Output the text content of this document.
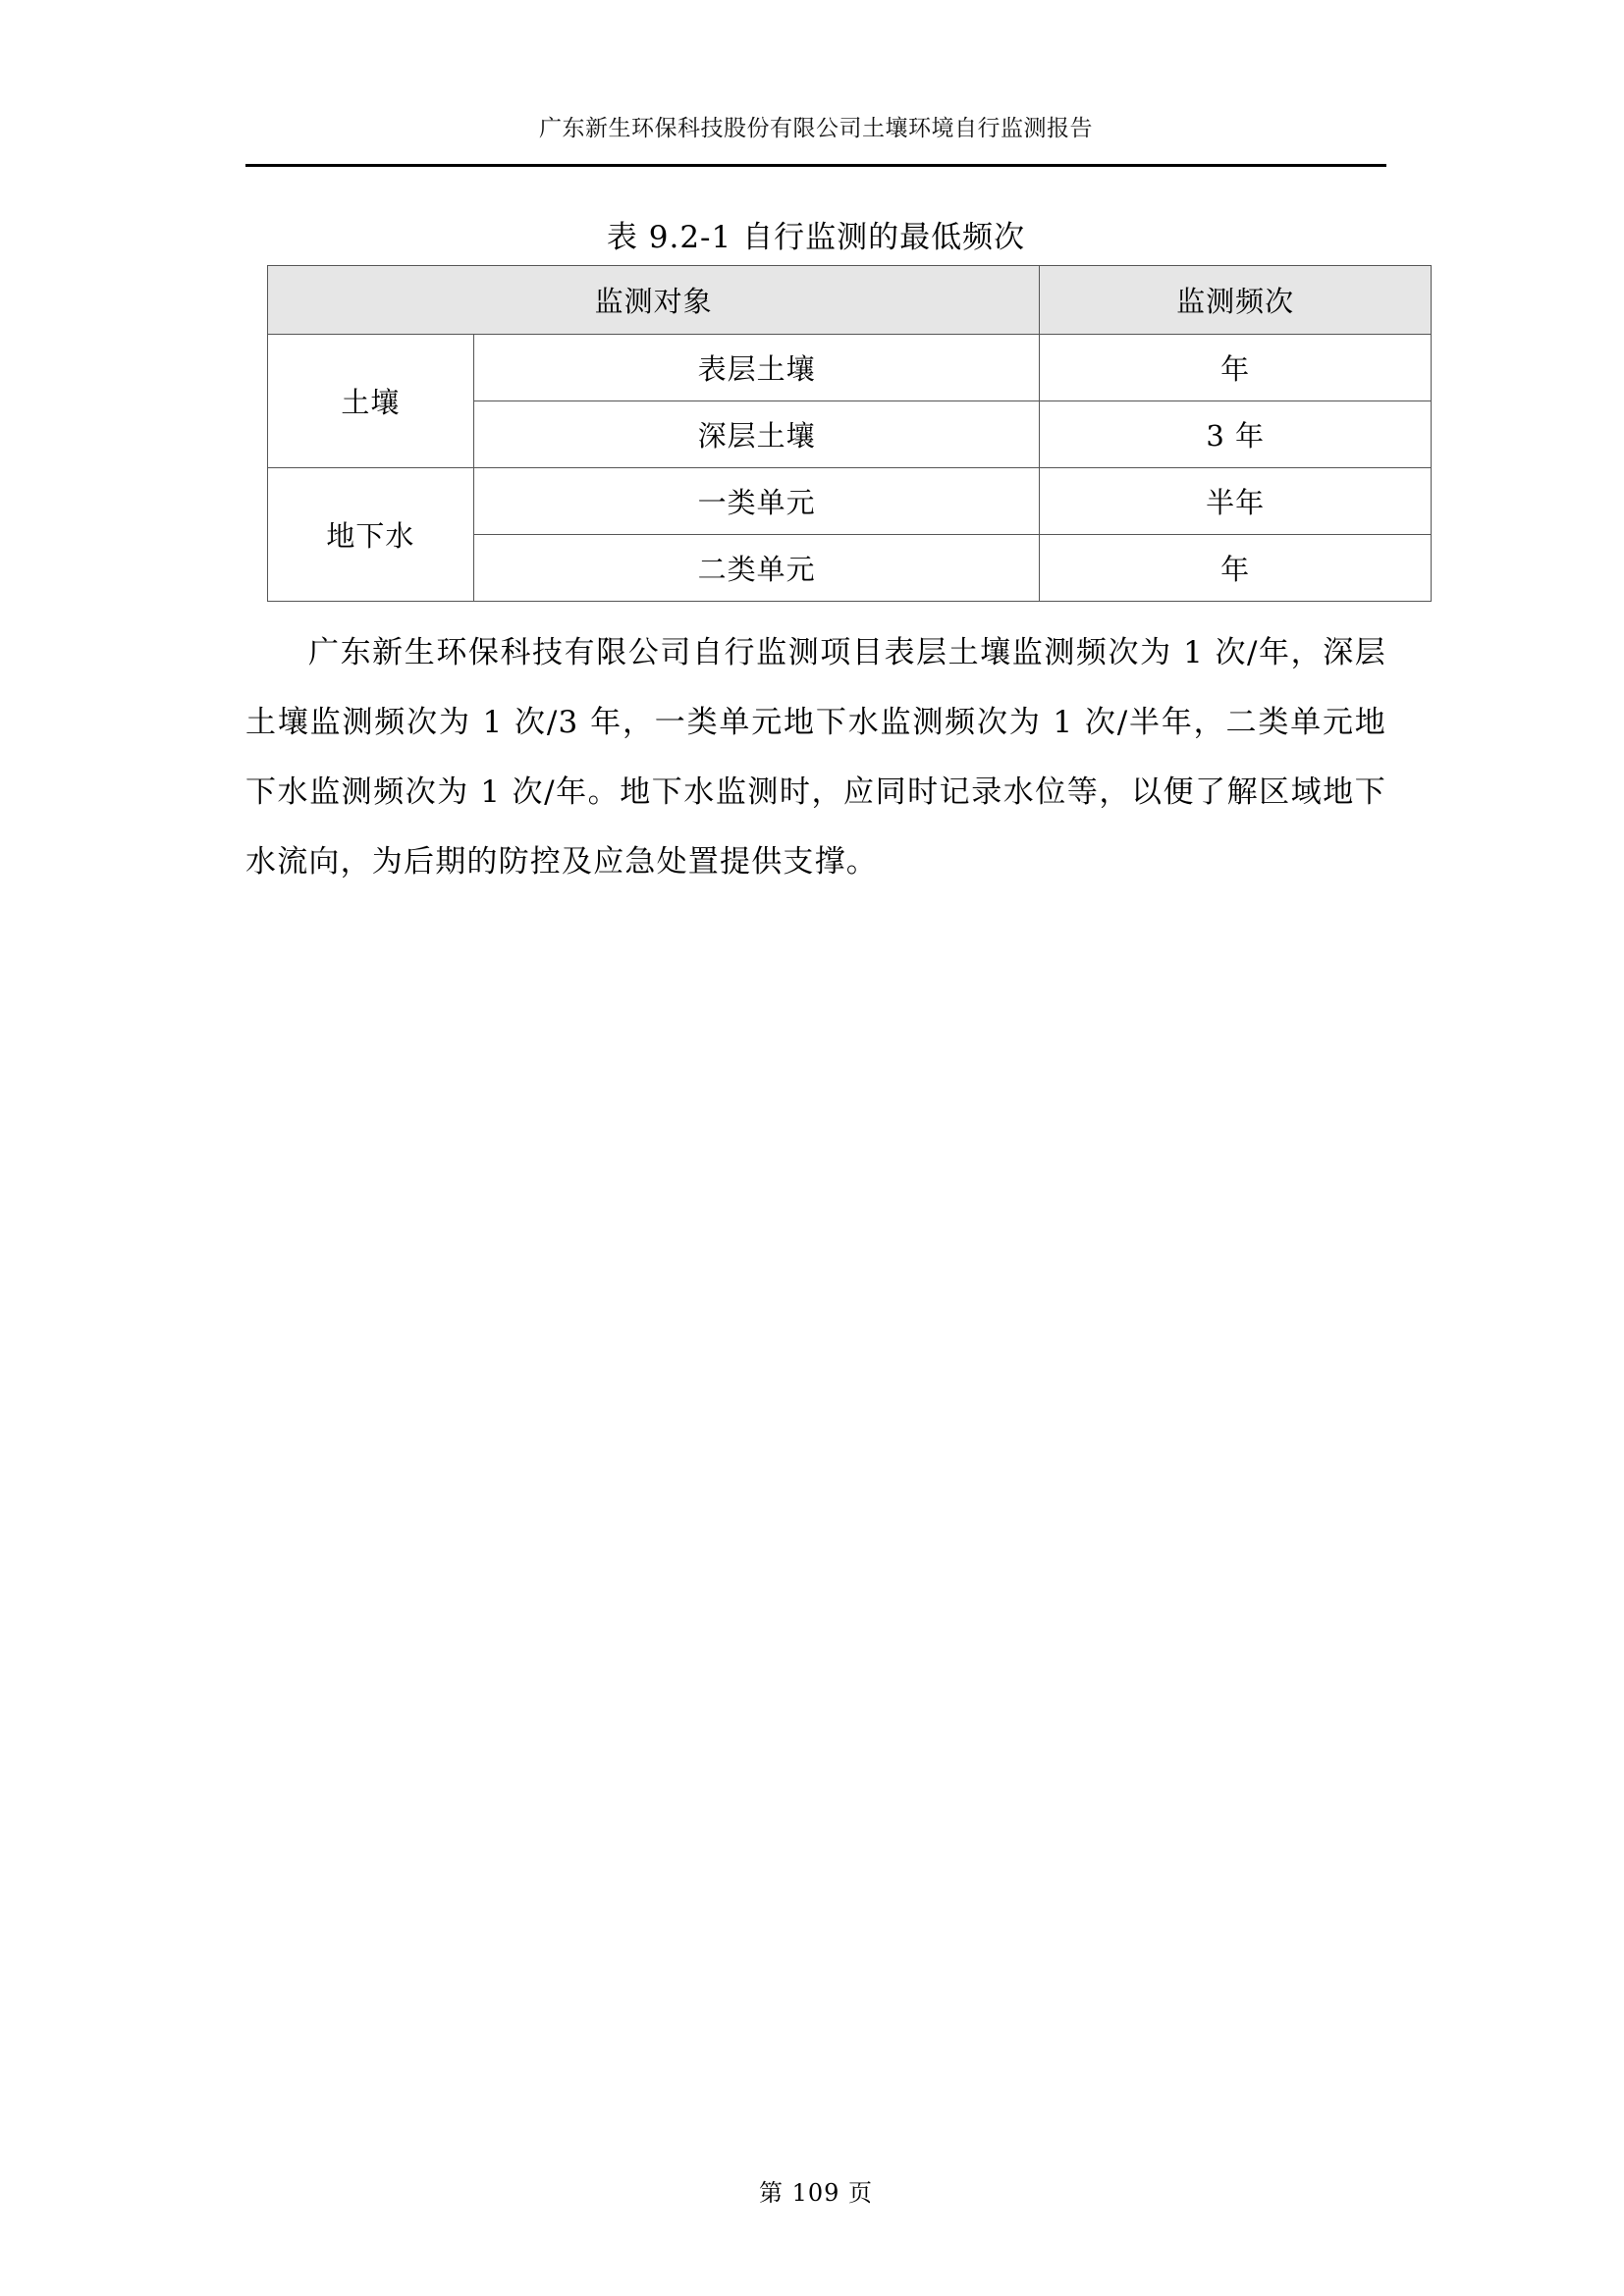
广东新生环保科技股份有限公司土壤环境自行监测报告
表 9.2-1 自行监测的最低频次
监测对象		监测频次
土壤	表层土壤	年
	深层土壤	3 年
地下水	一类单元	半年
	二类单元	年

广东新生环保科技有限公司自行监测项目表层土壤监测频次为 1 次/年，深层土壤监测频次为 1 次/3 年，一类单元地下水监测频次为 1 次/半年，二类单元地下水监测频次为 1 次/年。地下水监测时，应同时记录水位等，以便了解区域地下水流向，为后期的防控及应急处置提供支撑。

第 109 页
